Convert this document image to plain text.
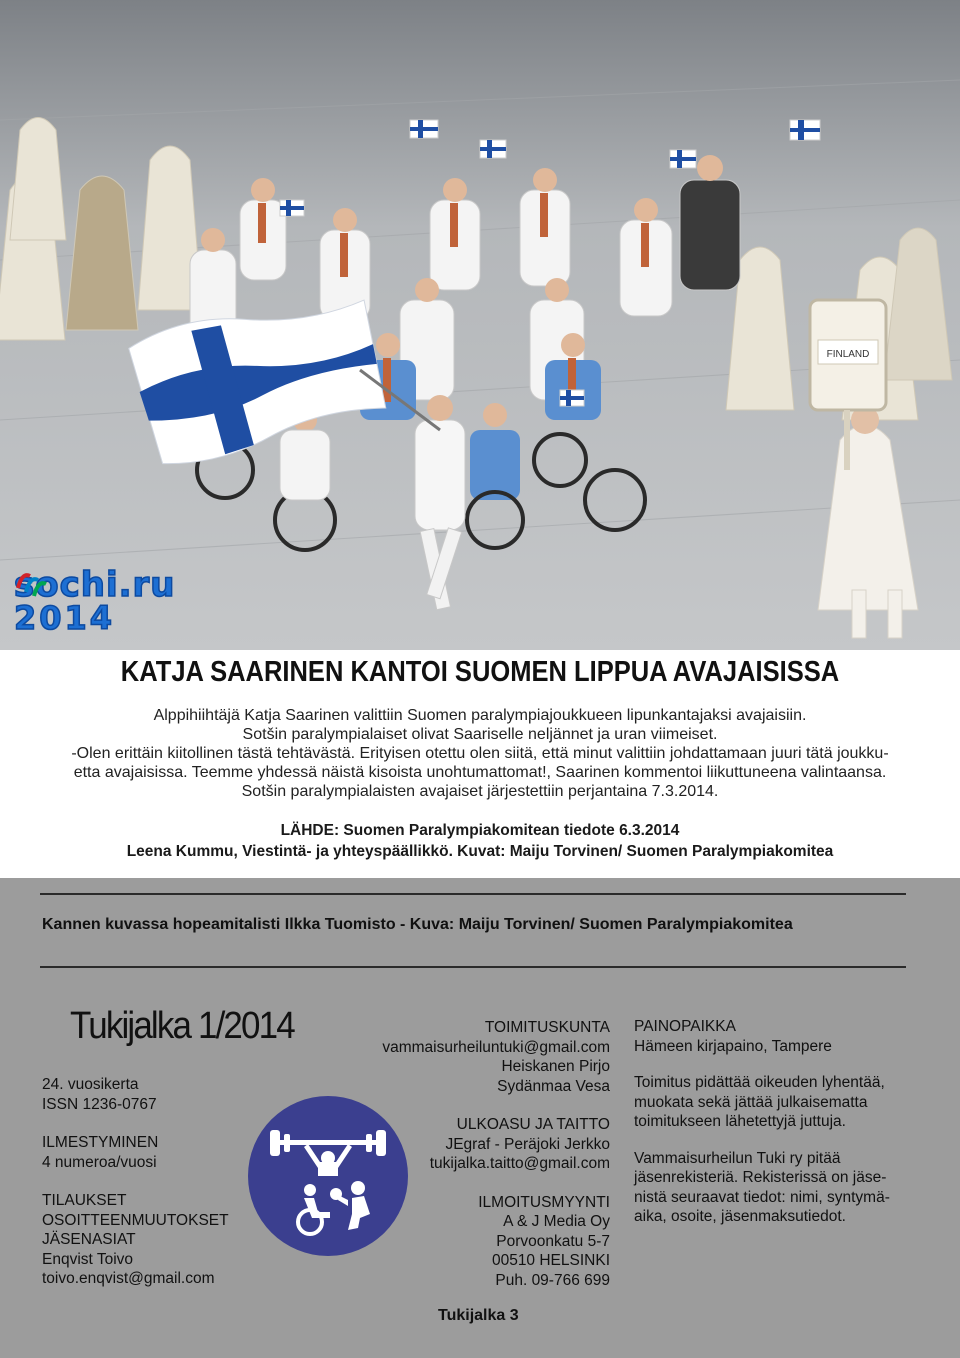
FINLAND
sochi.ru
2014
KATJA SAARINEN KANTOI SUOMEN LIPPUA AVAJAISISSA

Alppihiihtäjä Katja Saarinen valittiin Suomen paralympiajoukkueen lipunkantajaksi avajaisiin.

Sotšin paralympialaiset olivat Saariselle neljännet ja uran viimeiset.

-Olen erittäin kiitollinen tästä tehtävästä. Erityisen otettu olen siitä, että minut valittiin johdattamaan juuri tätä joukku-

etta avajaisissa. Teemme yhdessä näistä kisoista unohtumattomat!, Saarinen kommentoi liikuttuneena valintaansa.

Sotšin paralympialaisten avajaiset järjestettiin perjantaina 7.3.2014.

LÄHDE: Suomen Paralympiakomitean tiedote 6.3.2014
Leena Kummu, Viestintä- ja yhteyspäällikkö. Kuvat: Maiju Torvinen/ Suomen Paralympiakomitea
Kannen kuvassa hopeamitalisti Ilkka Tuomisto - Kuva: Maiju Torvinen/ Suomen Paralympiakomitea
Tukijalka 1/2014

24. vuosikerta

ISSN 1236-0767

ILMESTYMINEN

4 numeroa/vuosi

TILAUKSET

OSOITTEENMUUTOKSET

JÄSENASIAT

Enqvist Toivo

toivo.enqvist@gmail.com

TOIMITUSKUNTA

vammaisurheiluntuki@gmail.com

Heiskanen Pirjo

Sydänmaa Vesa

ULKOASU JA TAITTO

JEgraf - Peräjoki Jerkko

tukijalka.taitto@gmail.com

ILMOITUSMYYNTI

A & J Media Oy

Porvoonkatu 5-7

00510 HELSINKI

Puh. 09-766 699

PAINOPAIKKA

Hämeen kirjapaino, Tampere

Toimitus pidättää oikeuden lyhentää,

muokata sekä jättää julkaisematta

toimitukseen lähetettyjä juttuja.

Vammaisurheilun Tuki ry pitää

jäsenrekisteriä. Rekisterissä on jäse-

nistä seuraavat tiedot: nimi, syntymä-

aika, osoite, jäsenmaksutiedot.

Tukijalka 3
